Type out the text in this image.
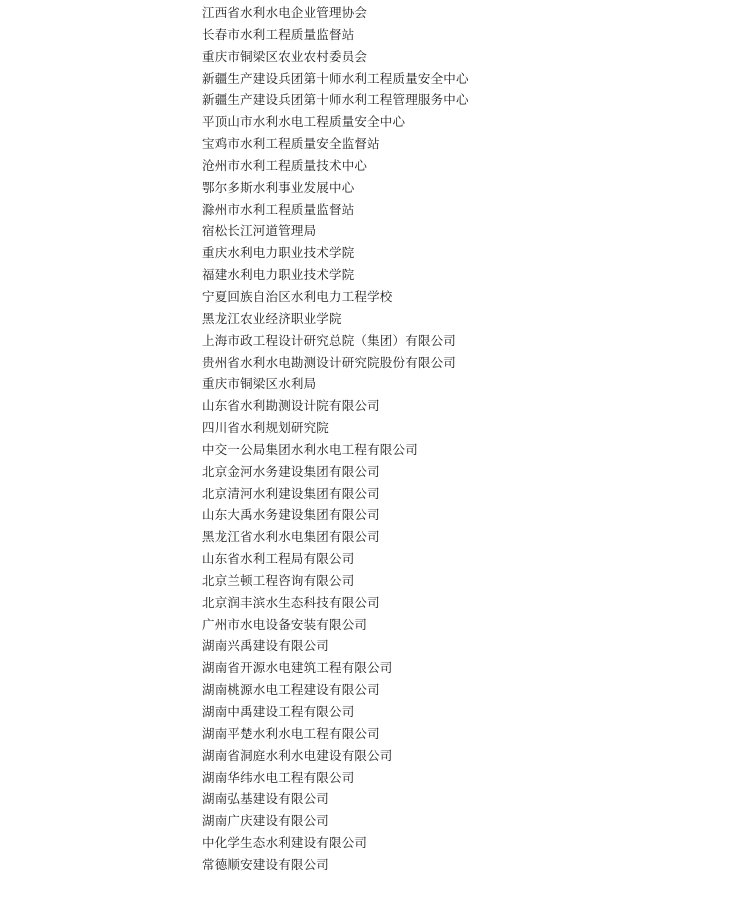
江西省水利水电企业管理协会
长春市水利工程质量监督站
重庆市铜梁区农业农村委员会
新疆生产建设兵团第十师水利工程质量安全中心
新疆生产建设兵团第十师水利工程管理服务中心
平顶山市水利水电工程质量安全中心
宝鸡市水利工程质量安全监督站
沧州市水利工程质量技术中心
鄂尔多斯水利事业发展中心
滁州市水利工程质量监督站
宿松长江河道管理局
重庆水利电力职业技术学院
福建水利电力职业技术学院
宁夏回族自治区水利电力工程学校
黑龙江农业经济职业学院
上海市政工程设计研究总院（集团）有限公司
贵州省水利水电勘测设计研究院股份有限公司
重庆市铜梁区水利局
山东省水利勘测设计院有限公司
四川省水利规划研究院
中交一公局集团水利水电工程有限公司
北京金河水务建设集团有限公司
北京清河水利建设集团有限公司
山东大禹水务建设集团有限公司
黑龙江省水利水电集团有限公司
山东省水利工程局有限公司
北京兰顿工程咨询有限公司
北京润丰滨水生态科技有限公司
广州市水电设备安装有限公司
湖南兴禹建设有限公司
湖南省开源水电建筑工程有限公司
湖南桃源水电工程建设有限公司
湖南中禹建设工程有限公司
湖南平楚水利水电工程有限公司
湖南省洞庭水利水电建设有限公司
湖南华纬水电工程有限公司
湖南弘基建设有限公司
湖南广庆建设有限公司
中化学生态水利建设有限公司
常德顺安建设有限公司
